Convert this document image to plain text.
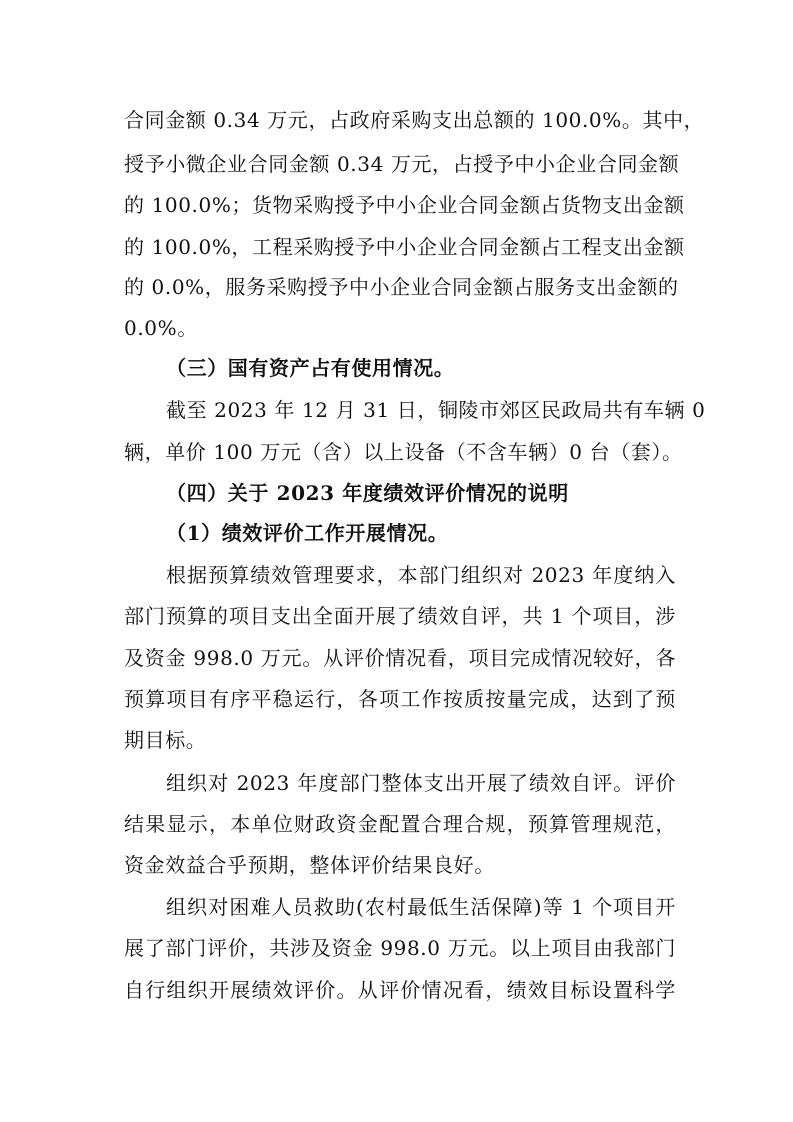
合同金额 0.34 万元，占政府采购支出总额的 100.0%。其中，
授予小微企业合同金额 0.34 万元，占授予中小企业合同金额
的 100.0%；货物采购授予中小企业合同金额占货物支出金额
的 100.0%，工程采购授予中小企业合同金额占工程支出金额
的 0.0%，服务采购授予中小企业合同金额占服务支出金额的
0.0%。
（三）国有资产占有使用情况。
截至 2023 年 12 月 31 日，铜陵市郊区民政局共有车辆 0
辆，单价 100 万元（含）以上设备（不含车辆）0 台（套）。
（四）关于 2023 年度绩效评价情况的说明
（1）绩效评价工作开展情况。
根据预算绩效管理要求，本部门组织对 2023 年度纳入
部门预算的项目支出全面开展了绩效自评，共 1 个项目，涉
及资金 998.0 万元。从评价情况看，项目完成情况较好，各
预算项目有序平稳运行，各项工作按质按量完成，达到了预
期目标。
组织对 2023 年度部门整体支出开展了绩效自评。评价
结果显示，本单位财政资金配置合理合规，预算管理规范，
资金效益合乎预期，整体评价结果良好。
组织对困难人员救助(农村最低生活保障)等 1 个项目开
展了部门评价，共涉及资金 998.0 万元。以上项目由我部门
自行组织开展绩效评价。从评价情况看，绩效目标设置科学
